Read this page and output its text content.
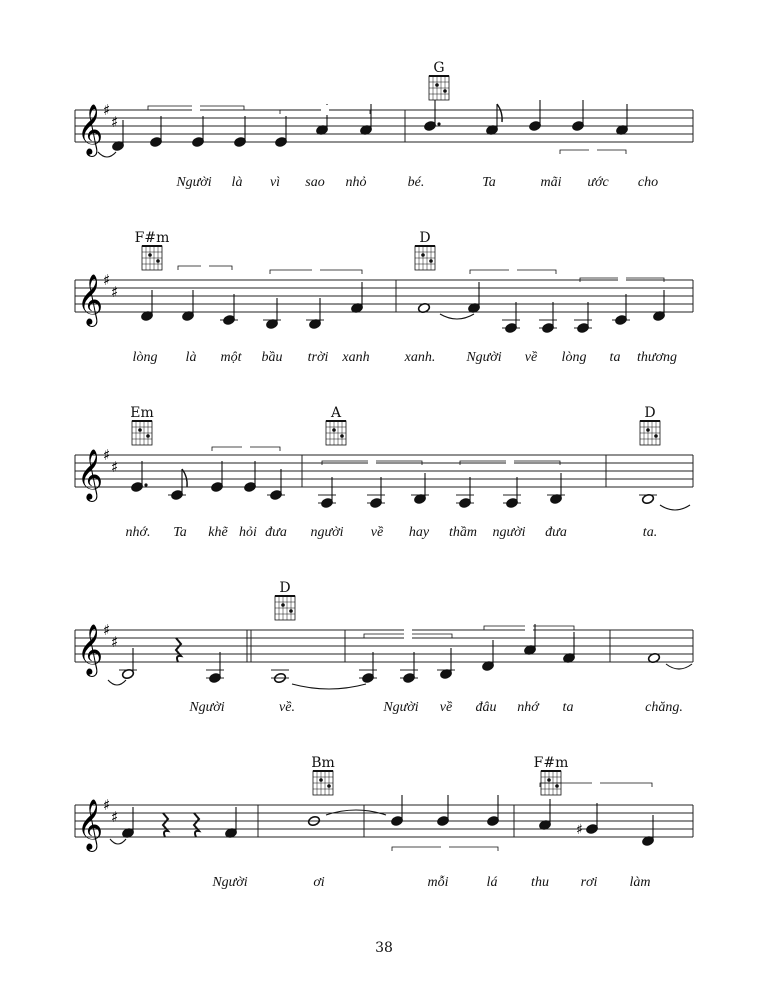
𝄞 ♯
♯
G
𝄞 ♯
♯
F#m	D
𝄞 ♯
♯
Em	A	D
𝄞 ♯
♯
D
𝄞 ♯
♯
Bm	F#m
♯
Người là vì sao nhỏ	bé.	Ta	mãi ước cho
lòng là một bầu trời xanh	xanh. Người về lòng ta thương
nhớ. Ta khẽ hỏi đưa người về hay thầm người đưa	ta.
Người	về.	Người về đâu nhớ ta	chăng.
Người	ơi	mỗi	lá thu rơi làm
38
